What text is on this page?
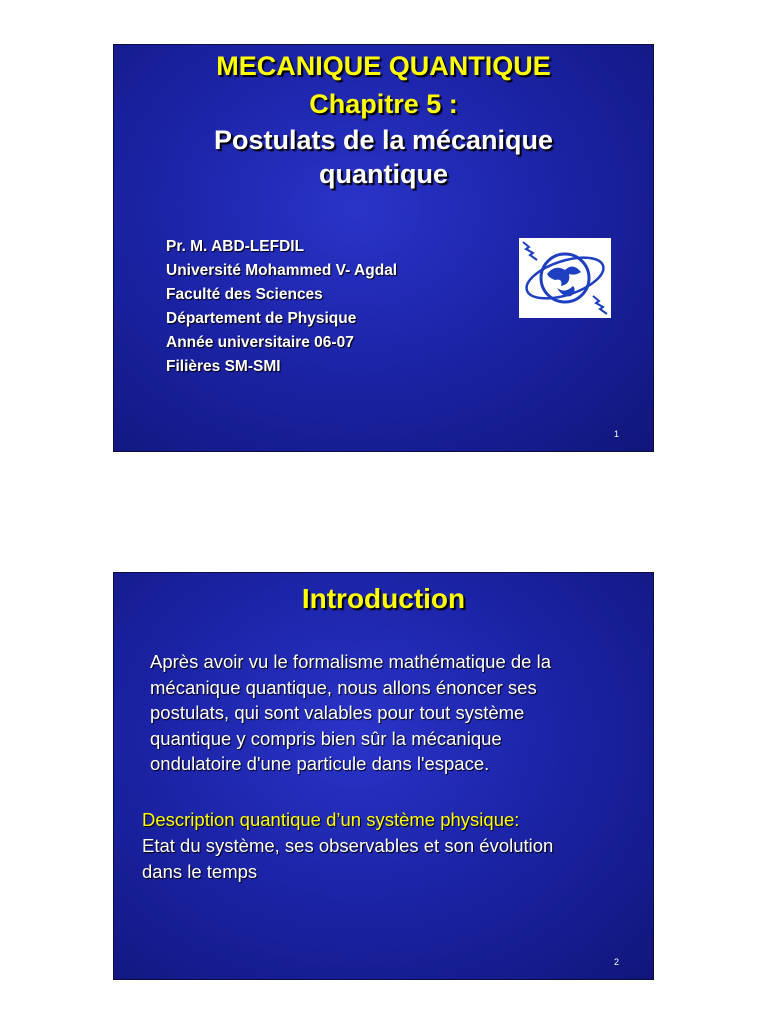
MECANIQUE QUANTIQUE
Chapitre 5 :
Postulats de la mécanique
quantique
Pr. M. ABD-LEFDIL
Université Mohammed V- Agdal
Faculté des Sciences
Département de Physique
Année universitaire 06-07
Filières SM-SMI
1
Introduction
Après avoir vu le formalisme mathématique de la
mécanique quantique, nous allons énoncer ses
postulats, qui sont valables pour tout système
quantique y compris bien sûr la mécanique
ondulatoire d'une particule dans l'espace.
Description quantique d’un système physique:
Etat du système, ses observables et son évolution
dans le temps
2
